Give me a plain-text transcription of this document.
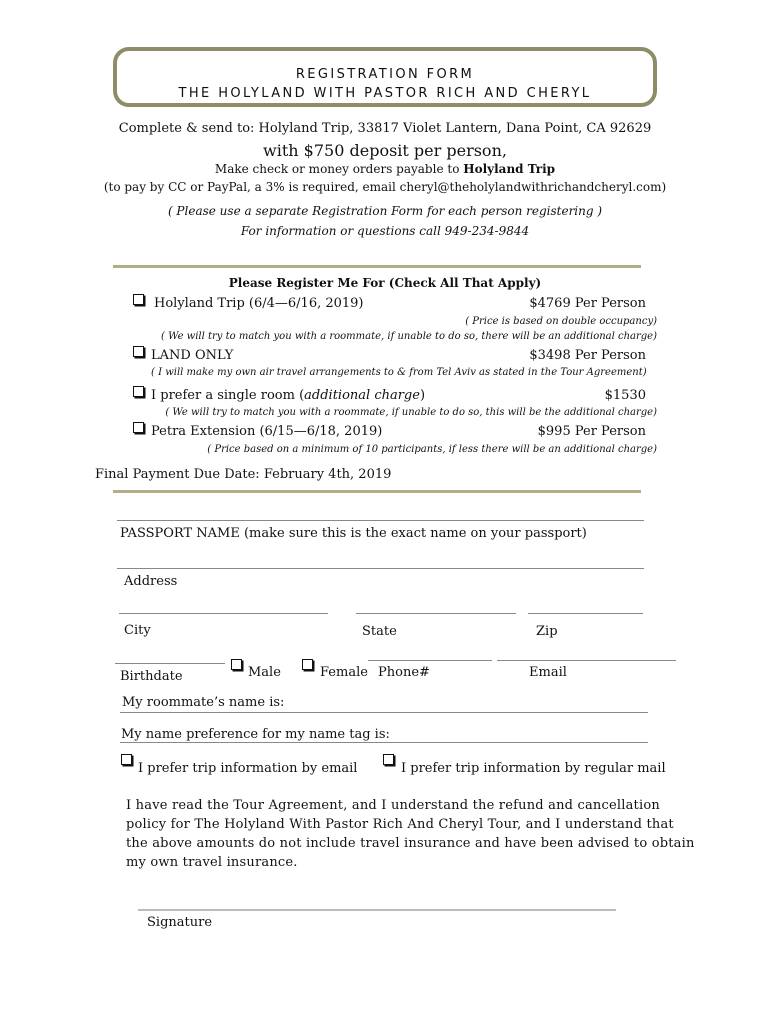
REGISTRATION FORM
THE HOLYLAND WITH PASTOR RICH AND CHERYL
Complete & send to: Holyland Trip, 33817 Violet Lantern, Dana Point, CA 92629
with $750 deposit per person,
Make check or money orders payable to Holyland Trip
(to pay by CC or PayPal, a 3% is required, email cheryl@theholylandwithrichandcheryl.com)
( Please use a separate Registration Form for each person registering )
For information or questions call 949-234-9844
Please Register Me For (Check All That Apply)
Holyland Trip (6/4—6/16, 2019)	$4769 Per Person
( Price is based on double occupancy)
( We will try to match you with a roommate, if unable to do so, there will be an additional charge)
LAND ONLY	$3498 Per Person
( I will make my own air travel arrangements to & from Tel Aviv as stated in the Tour Agreement)
I prefer a single room (additional charge)	$1530
( We will try to match you with a roommate, if unable to do so, this will be the additional charge)
Petra Extension (6/15—6/18, 2019)	$995 Per Person
( Price based on a minimum of 10 participants, if less there will be an additional charge)
Final Payment Due Date: February 4th, 2019
PASSPORT NAME (make sure this is the exact name on your passport)
Address
City	State	Zip
Birthdate	Male	Female Phone#	Email
My roommate’s name is:
My name preference for my name tag is:
I prefer trip information by email	I prefer trip information by regular mail
I have read the Tour Agreement, and I understand the refund and cancellation
policy for The Holyland With Pastor Rich And Cheryl Tour, and I understand that
the above amounts do not include travel insurance and have been advised to obtain
my own travel insurance.
Signature
